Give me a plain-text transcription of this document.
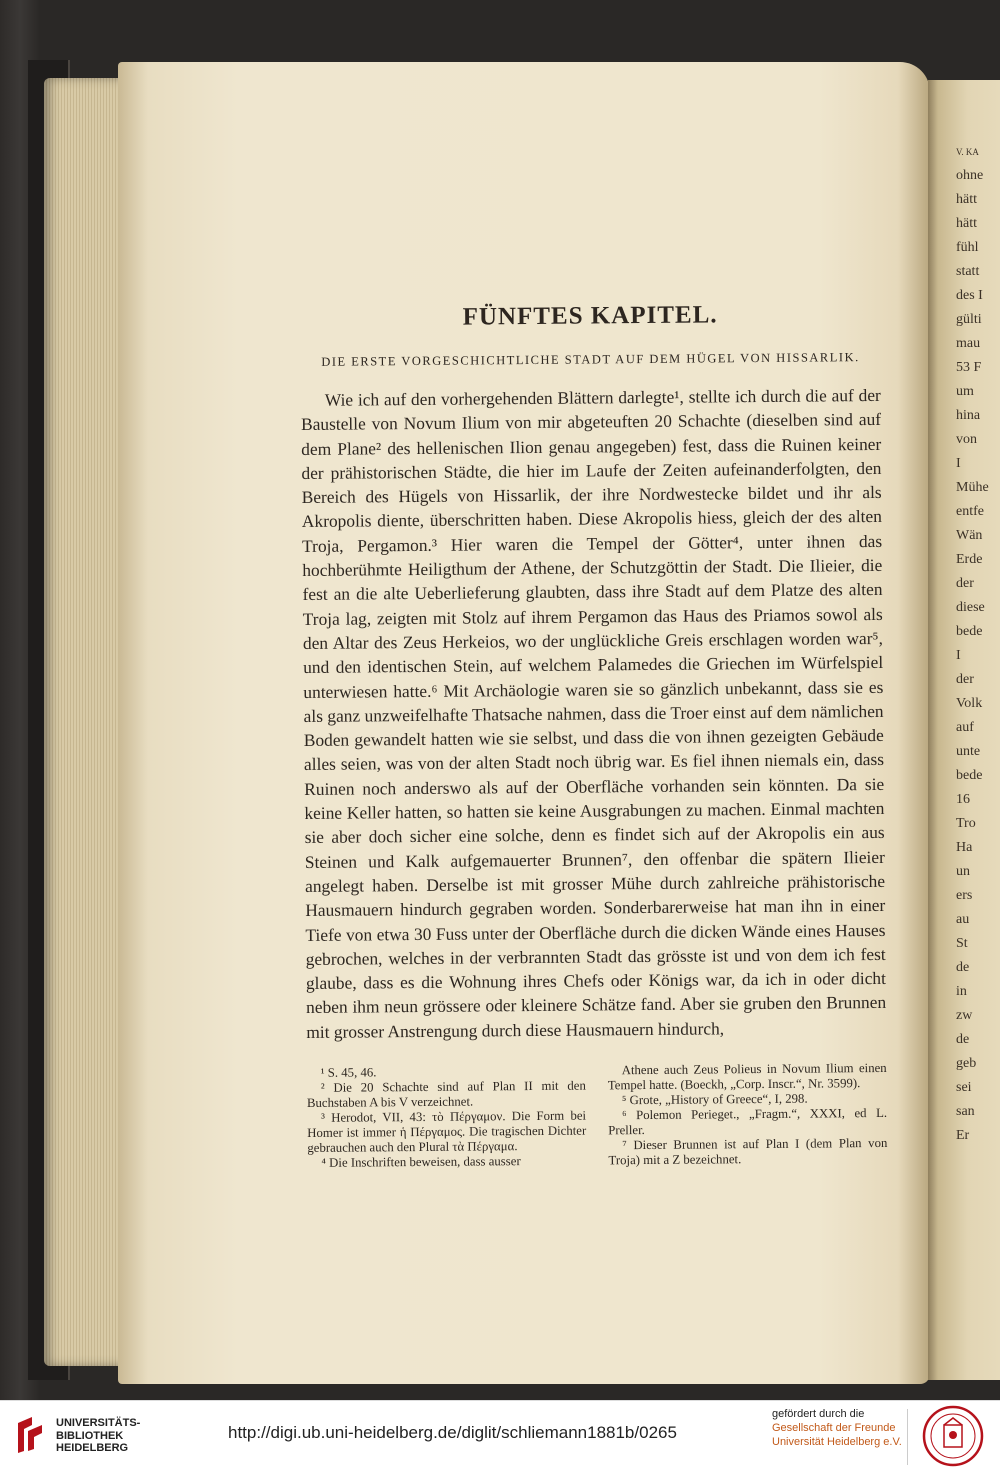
V. KA
ohne
hätt
hätt
fühl
statt
des I
gülti
mau
53 F
um
hina
von
I
Mühe
entfe
Wän
Erde
der
diese
bede
I
der
Volk
auf
unte
bede
16
Tro
Ha
un
ers
au
St
de
in
zw
de
geb
sei
san
Er
FÜNFTES KAPITEL.
DIE ERSTE VORGESCHICHTLICHE STADT AUF DEM HÜGEL VON HISSARLIK.

Wie ich auf den vorhergehenden Blättern darlegte¹, stellte ich durch die auf der Baustelle von Novum Ilium von mir abgeteuften 20 Schachte (dieselben sind auf dem Plane² des hellenischen Ilion genau angegeben) fest, dass die Ruinen keiner der prähistorischen Städte, die hier im Laufe der Zeiten aufeinanderfolgten, den Bereich des Hügels von Hissarlik, der ihre Nordwestecke bildet und ihr als Akropolis diente, überschritten haben. Diese Akropolis hiess, gleich der des alten Troja, Pergamon.³ Hier waren die Tempel der Götter⁴, unter ihnen das hochberühmte Heiligthum der Athene, der Schutzgöttin der Stadt. Die Ilieier, die fest an die alte Ueberlieferung glaubten, dass ihre Stadt auf dem Platze des alten Troja lag, zeigten mit Stolz auf ihrem Pergamon das Haus des Priamos sowol als den Altar des Zeus Herkeios, wo der unglückliche Greis erschlagen worden war⁵, und den identischen Stein, auf welchem Palamedes die Griechen im Würfelspiel unterwiesen hatte.⁶ Mit Archäologie waren sie so gänzlich unbekannt, dass sie es als ganz unzweifelhafte Thatsache nahmen, dass die Troer einst auf dem nämlichen Boden gewandelt hatten wie sie selbst, und dass die von ihnen gezeigten Gebäude alles seien, was von der alten Stadt noch übrig war. Es fiel ihnen niemals ein, dass Ruinen noch anderswo als auf der Oberfläche vorhanden sein könnten. Da sie keine Keller hatten, so hatten sie keine Ausgrabungen zu machen. Einmal machten sie aber doch sicher eine solche, denn es findet sich auf der Akropolis ein aus Steinen und Kalk aufgemauerter Brunnen⁷, den offenbar die spätern Ilieier angelegt haben. Derselbe ist mit grosser Mühe durch zahlreiche prähistorische Hausmauern hindurch gegraben worden. Sonderbarerweise hat man ihn in einer Tiefe von etwa 30 Fuss unter der Oberfläche durch die dicken Wände eines Hauses gebrochen, welches in der verbrannten Stadt das grösste ist und von dem ich fest glaube, dass es die Wohnung ihres Chefs oder Königs war, da ich in oder dicht neben ihm neun grössere oder kleinere Schätze fand. Aber sie gruben den Brunnen mit grosser Anstrengung durch diese Hausmauern hindurch,

¹ S. 45, 46.

² Die 20 Schachte sind auf Plan II mit den Buchstaben A bis V verzeichnet.

³ Herodot, VII, 43: τὸ Πέργαμον. Die Form bei Homer ist immer ἡ Πέργαμος. Die tragischen Dichter gebrauchen auch den Plural τὰ Πέργαμα.

⁴ Die Inschriften beweisen, dass ausser

Athene auch Zeus Polieus in Novum Ilium einen Tempel hatte. (Boeckh, „Corp. Inscr.“, Nr. 3599).

⁵ Grote, „History of Greece“, I, 298.

⁶ Polemon Perieget., „Fragm.“, XXXI, ed L. Preller.

⁷ Dieser Brunnen ist auf Plan I (dem Plan von Troja) mit a Z bezeichnet.

UNIVERSITÄTS-
BIBLIOTHEK
HEIDELBERG
http://digi.ub.uni-heidelberg.de/diglit/schliemann1881b/0265
gefördert durch die
Gesellschaft der Freunde
Universität Heidelberg e.V.
